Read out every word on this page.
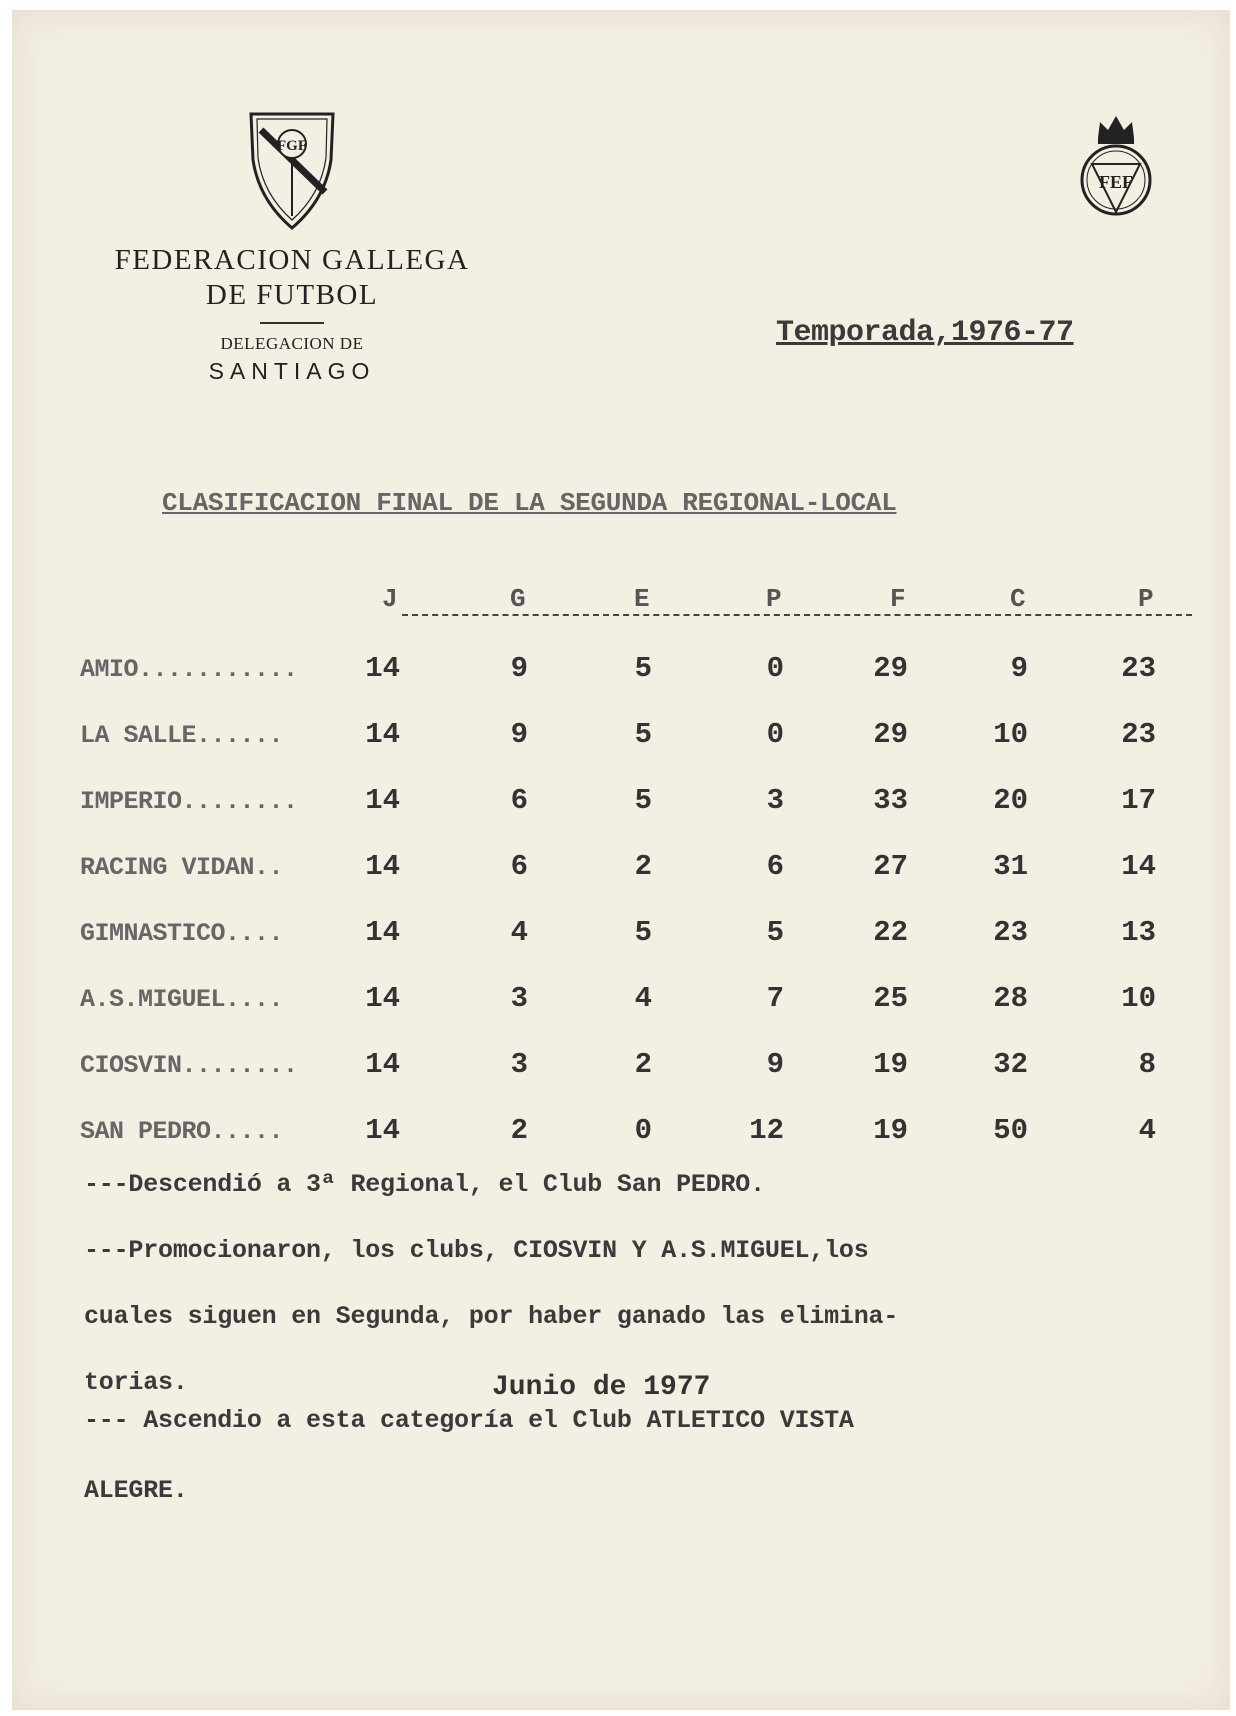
FGF
FEDERACION GALLEGA
DE FUTBOL
DELEGACION DE
SANTIAGO
FEF
Temporada,1976-77
CLASIFICACION FINAL DE LA SEGUNDA REGIONAL-LOCAL
J	G	E	P	F	C	P
AMIO...........	14	9	5	0	29	9	23
LA SALLE......	14	9	5	0	29	10	23
IMPERIO........	14	6	5	3	33	20	17
RACING VIDAN..	14	6	2	6	27	31	14
GIMNASTICO....	14	4	5	5	22	23	13
A.S.MIGUEL....	14	3	4	7	25	28	10
CIOSVIN........	14	3	2	9	19	32	8
SAN PEDRO.....	14	2	0	12	19	50	4
---Descendió a 3ª Regional, el Club San PEDRO.
---Promocionaron, los clubs, CIOSVIN Y A.S.MIGUEL,los
cuales siguen en Segunda, por haber ganado las elimina-
torias.	Junio de 1977
--- Ascendio a esta categoría el Club ATLETICO VISTA
ALEGRE.
